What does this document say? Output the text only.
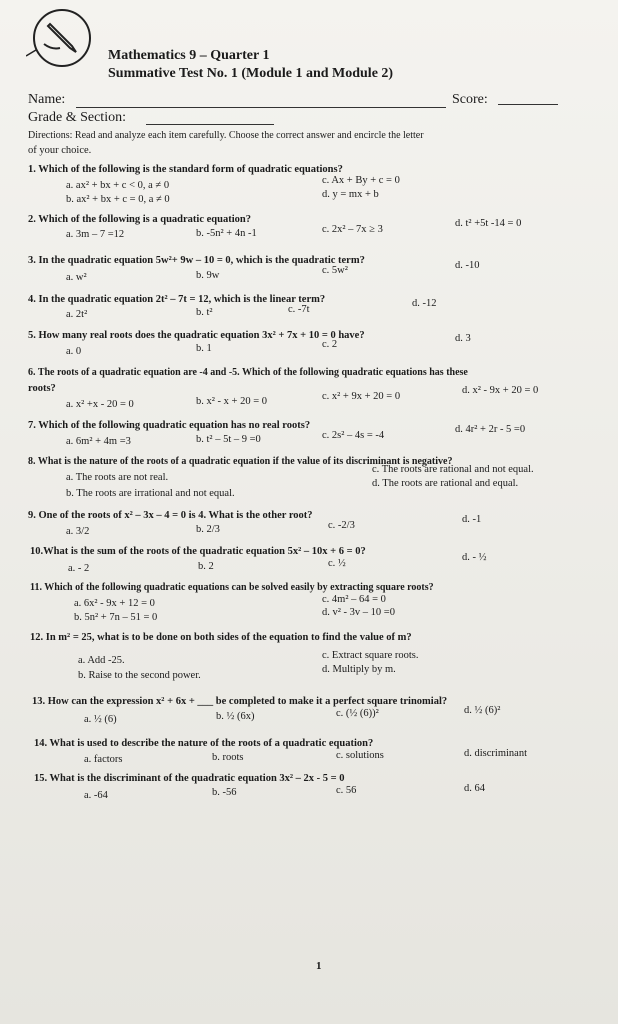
Mathematics 9 – Quarter 1
Summative Test No. 1 (Module 1 and Module 2)
Name:	Score:
Grade & Section:
Directions: Read and analyze each item carefully. Choose the correct answer and encircle the letter
of your choice.
1. Which of the following is the standard form of quadratic equations?
a. ax² + bx + c < 0, a ≠ 0
b. ax² + bx + c = 0, a ≠ 0
c. Ax + By + c = 0
d. y = mx + b
2. Which of the following is a quadratic equation?
a. 3m – 7 =12	b. -5n² + 4n -1	c. 2x² – 7x ≥ 3
d. t² +5t -14 = 0
3. In the quadratic equation 5w²+ 9w – 10 = 0, which is the quadratic term?
a. w²	b. 9w	c. 5w²	d. -10
4. In the quadratic equation 2t² – 7t = 12, which is the linear term?
a. 2t²	b. t²	c. -7t
d. -12
5. How many real roots does the quadratic equation 3x² + 7x + 10 = 0 have?
a. 0	b. 1	c. 2
d. 3
6. The roots of a quadratic equation are -4 and -5. Which of the following quadratic equations has these
roots?
a. x² +x - 20 = 0	b. x² - x + 20 = 0	c. x² + 9x + 20 = 0
d. x² - 9x + 20 = 0
7. Which of the following quadratic equation has no real roots?
a. 6m² + 4m =3	b. t² – 5t – 9 =0	c. 2s² – 4s = -4
d. 4r² + 2r - 5 =0
8. What is the nature of the roots of a quadratic equation if the value of its discriminant is negative?
a. The roots are not real.
b. The roots are irrational and not equal.
c. The roots are rational and not equal.
d. The roots are rational and equal.
9. One of the roots of x² – 3x – 4 = 0 is 4. What is the other root?
a. 3/2	b. 2/3	c. -2/3
d. -1
10.What is the sum of the roots of the quadratic equation 5x² – 10x + 6 = 0?
a. - 2	b. 2	c. ½
d. - ½
11. Which of the following quadratic equations can be solved easily by extracting square roots?
a. 6x² - 9x + 12 = 0
b. 5n² + 7n – 51 = 0
c. 4m² – 64 = 0
d. v² - 3v – 10 =0
12. In m² = 25, what is to be done on both sides of the equation to find the value of m?
a. Add -25.
b. Raise to the second power.
c. Extract square roots.
d. Multiply by m.
13. How can the expression x² + 6x + ___ be completed to make it a perfect square trinomial?
a. ½ (6)	b. ½ (6x)	c. (½ (6))²	d. ½ (6)²
14. What is used to describe the nature of the roots of a quadratic equation?
a. factors	b. roots	c. solutions	d. discriminant
15. What is the discriminant of the quadratic equation 3x² – 2x - 5 = 0
a. -64	b. -56	c. 56	d. 64
1
